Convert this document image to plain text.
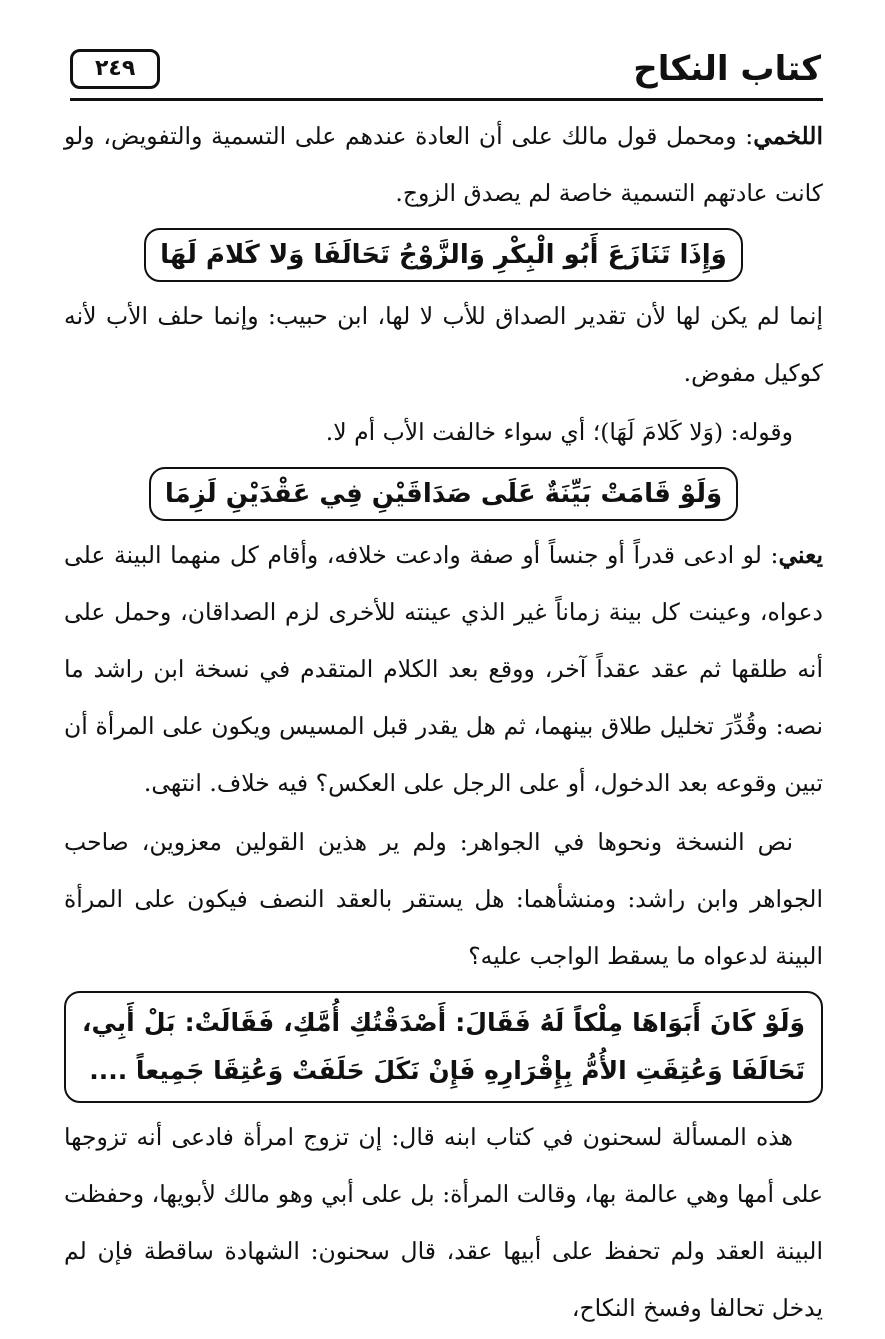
٢٤٩	كتاب النكاح

اللخمي: ومحمل قول مالك على أن العادة عندهم على التسمية والتفويض، ولو كانت عادتهم التسمية خاصة لم يصدق الزوج.

وَإِذَا تَنَازَعَ أَبُو الْبِكْرِ وَالزَّوْجُ تَحَالَفَا وَلا كَلامَ لَهَا

إنما لم يكن لها لأن تقدير الصداق للأب لا لها، ابن حبيب: وإنما حلف الأب لأنه كوكيل مفوض.

وقوله: (وَلا كَلامَ لَهَا)؛ أي سواء خالفت الأب أم لا.

وَلَوْ قَامَتْ بَيِّنَةٌ عَلَى صَدَاقَيْنِ فِي عَقْدَيْنِ لَزِمَا

يعني: لو ادعى قدراً أو جنساً أو صفة وادعت خلافه، وأقام كل منهما البينة على دعواه، وعينت كل بينة زماناً غير الذي عينته للأخرى لزم الصداقان، وحمل على أنه طلقها ثم عقد عقداً آخر، ووقع بعد الكلام المتقدم في نسخة ابن راشد ما نصه: وقُدِّرَ تخليل طلاق بينهما، ثم هل يقدر قبل المسيس ويكون على المرأة أن تبين وقوعه بعد الدخول، أو على الرجل على العكس؟ فيه خلاف. انتهى.

نص النسخة ونحوها في الجواهر: ولم ير هذين القولين معزوين، صاحب الجواهر وابن راشد: ومنشأهما: هل يستقر بالعقد النصف فيكون على المرأة البينة لدعواه ما يسقط الواجب عليه؟

وَلَوْ كَانَ أَبَوَاهَا مِلْكاً لَهُ فَقَالَ: أَصْدَقْتُكِ أُمَّكِ، فَقَالَتْ: بَلْ أَبِي، تَحَالَفَا وَعُتِقَتِ الأُمُّ بِإِقْرَارِهِ فَإِنْ نَكَلَ حَلَفَتْ وَعُتِقَا جَمِيعاً ....

هذه المسألة لسحنون في كتاب ابنه قال: إن تزوج امرأة فادعى أنه تزوجها على أمها وهي عالمة بها، وقالت المرأة: بل على أبي وهو مالك لأبويها، وحفظت البينة العقد ولم تحفظ على أبيها عقد، قال سحنون: الشهادة ساقطة فإن لم يدخل تحالفا وفسخ النكاح،
